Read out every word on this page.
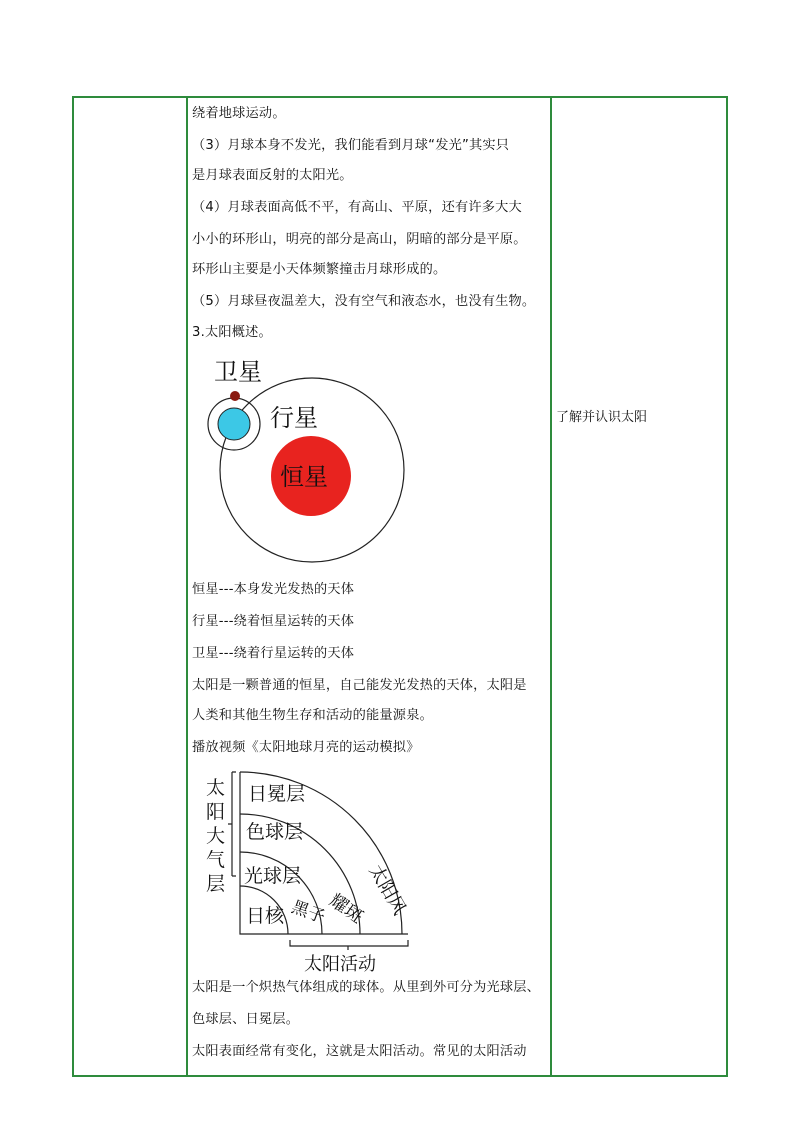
绕着地球运动。
（3）月球本身不发光，我们能看到月球“发光”其实只
是月球表面反射的太阳光。
（4）月球表面高低不平，有高山、平原，还有许多大大
小小的环形山，明亮的部分是高山，阴暗的部分是平原。
环形山主要是小天体频繁撞击月球形成的。
（5）月球昼夜温差大，没有空气和液态水，也没有生物。
3.太阳概述。
卫星
行星
恒星
恒星---本身发光发热的天体
行星---绕着恒星运转的天体
卫星---绕着行星运转的天体
太阳是一颗普通的恒星，自己能发光发热的天体，太阳是
人类和其他生物生存和活动的能量源泉。
播放视频《太阳地球月亮的运动模拟》
太
阳
大
气
层
日冕层
色球层
光球层
日核 黑子
耀斑
太阳风
太阳活动
太阳是一个炽热气体组成的球体。从里到外可分为光球层、
色球层、日冕层。
太阳表面经常有变化，这就是太阳活动。常见的太阳活动
了解并认识太阳
